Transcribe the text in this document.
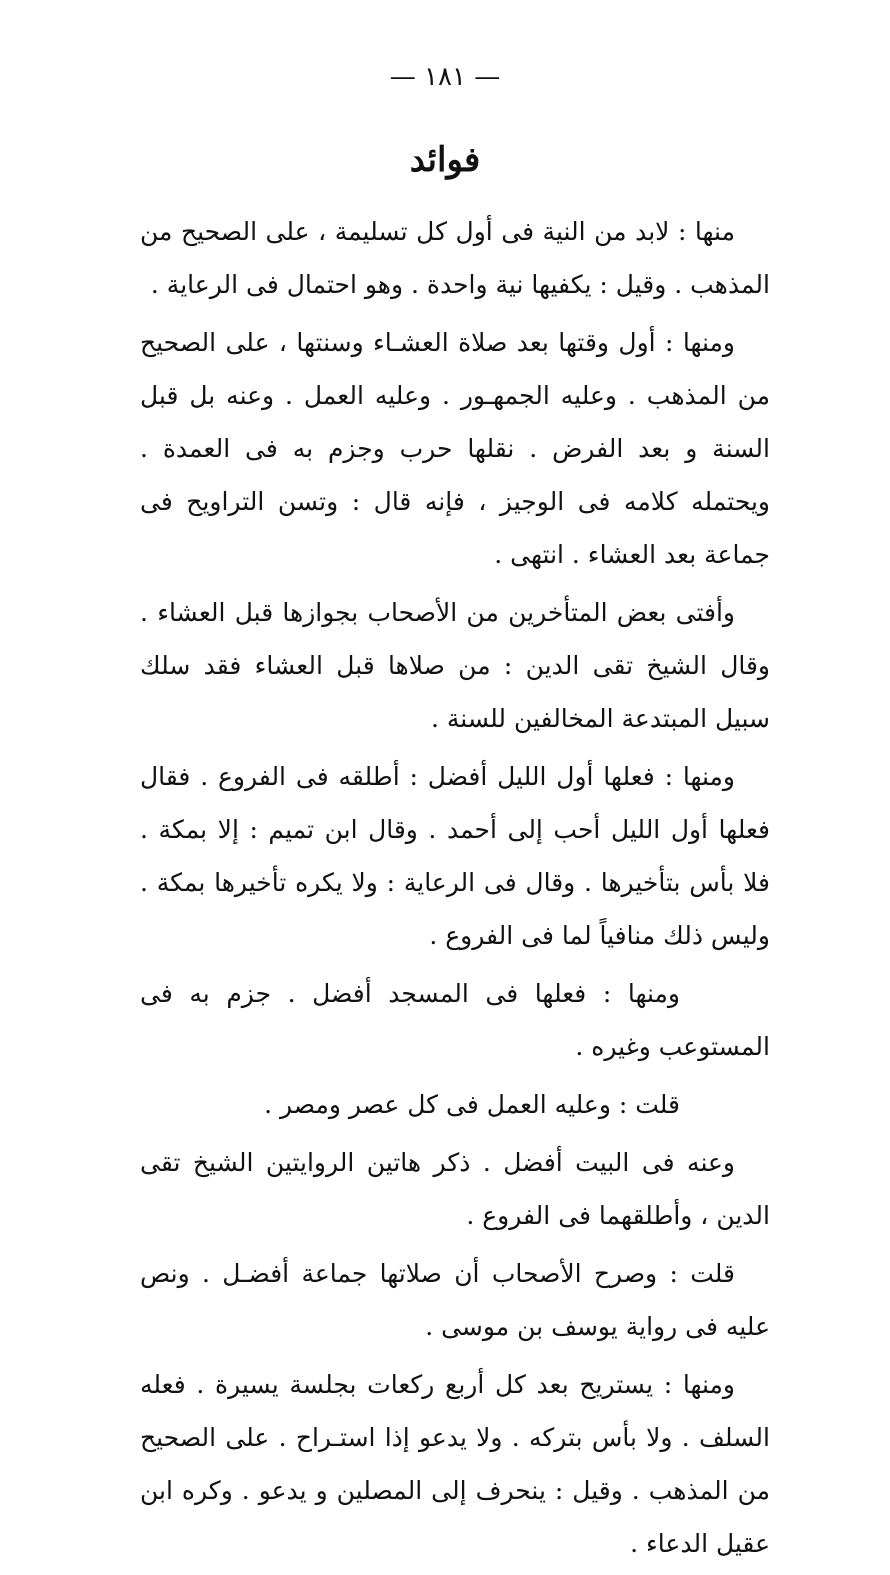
— ١٨١ —
فوائد

منها : لابد من النية فى أول كل تسليمة ، على الصحيح من المذهب . وقيل : يكفيها نية واحدة . وهو احتمال فى الرعاية .

ومنها : أول وقتها بعد صلاة العشـاء وسنتها ، على الصحيح من المذهب . وعليه الجمهـور . وعليه العمل . وعنه بل قبل السنة و بعد الفرض . نقلها حرب وجزم به فى العمدة . ويحتمله كلامه فى الوجيز ، فإنه قال : وتسن التراويح فى جماعة بعد العشاء . انتهى .

وأفتى بعض المتأخرين من الأصحاب بجوازها قبل العشاء . وقال الشيخ تقى الدين : من صلاها قبل العشاء فقد سلك سبيل المبتدعة المخالفين للسنة .

ومنها : فعلها أول الليل أفضل : أطلقه فى الفروع . فقال فعلها أول الليل أحب إلى أحمد . وقال ابن تميم : إلا بمكة . فلا بأس بتأخيرها . وقال فى الرعاية : ولا يكره تأخيرها بمكة . وليس ذلك منافياً لما فى الفروع .

ومنها : فعلها فى المسجد أفضل . جزم به فى المستوعب وغيره .

قلت : وعليه العمل فى كل عصر ومصر .

وعنه فى البيت أفضل . ذكر هاتين الروايتين الشيخ تقى الدين ، وأطلقهما فى الفروع .

قلت : وصرح الأصحاب أن صلاتها جماعة أفضـل . ونص عليه فى رواية يوسف بن موسى .

ومنها : يستريح بعد كل أربع ركعات بجلسة يسيرة . فعله السلف . ولا بأس بتركه . ولا يدعو إذا استـراح . على الصحيح من المذهب . وقيل : ينحرف إلى المصلين و يدعو . وكره ابن عقيل الدعاء .
